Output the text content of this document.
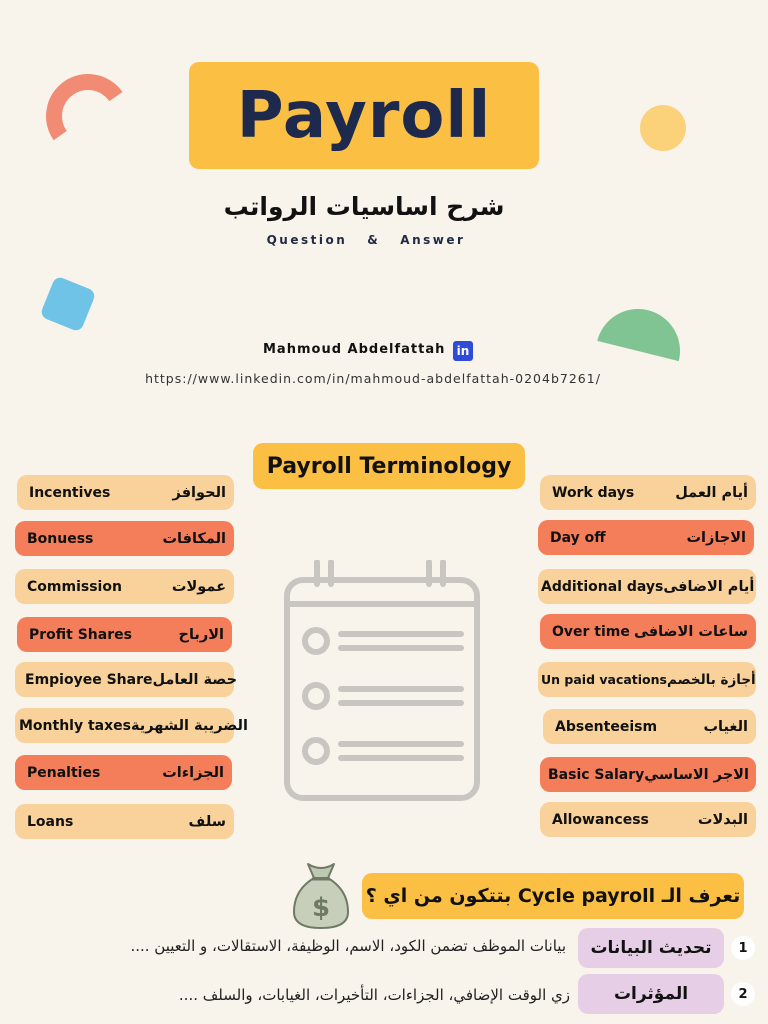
Payroll
شرح اساسيات الرواتب
Question   &   Answer
Mahmoud Abdelfattah in
https://www.linkedin.com/in/mahmoud-abdelfattah-0204b7261/
Payroll Terminology
Incentives	الحوافز
Bonuess	المكافات
Commission	عمولات
Profit Shares	الارباح
Empioyee Share حصة العامل
Monthly taxes الضريبة الشهرية
Penalties	الجزاءات
Loans	سلف
Work days	أيام العمل
Day off	الاجازات
Additional days أيام الاضافى
Over time ساعات الاضافى
Un paid vacations أجازة بالخصم
Absenteeism	الغياب
Basic Salary الاجر الاساسي
Allowancess	البدلات
$ تعرف الـ Cycle payroll بتتكون من اي ؟
1
تحديث البيانات
بيانات الموظف تضمن الكود، الاسم، الوظيفة، الاستقالات، و التعيين ....
2
المؤثرات
زي الوقت الإضافي، الجزاءات، التأخيرات، الغيابات، والسلف ....
